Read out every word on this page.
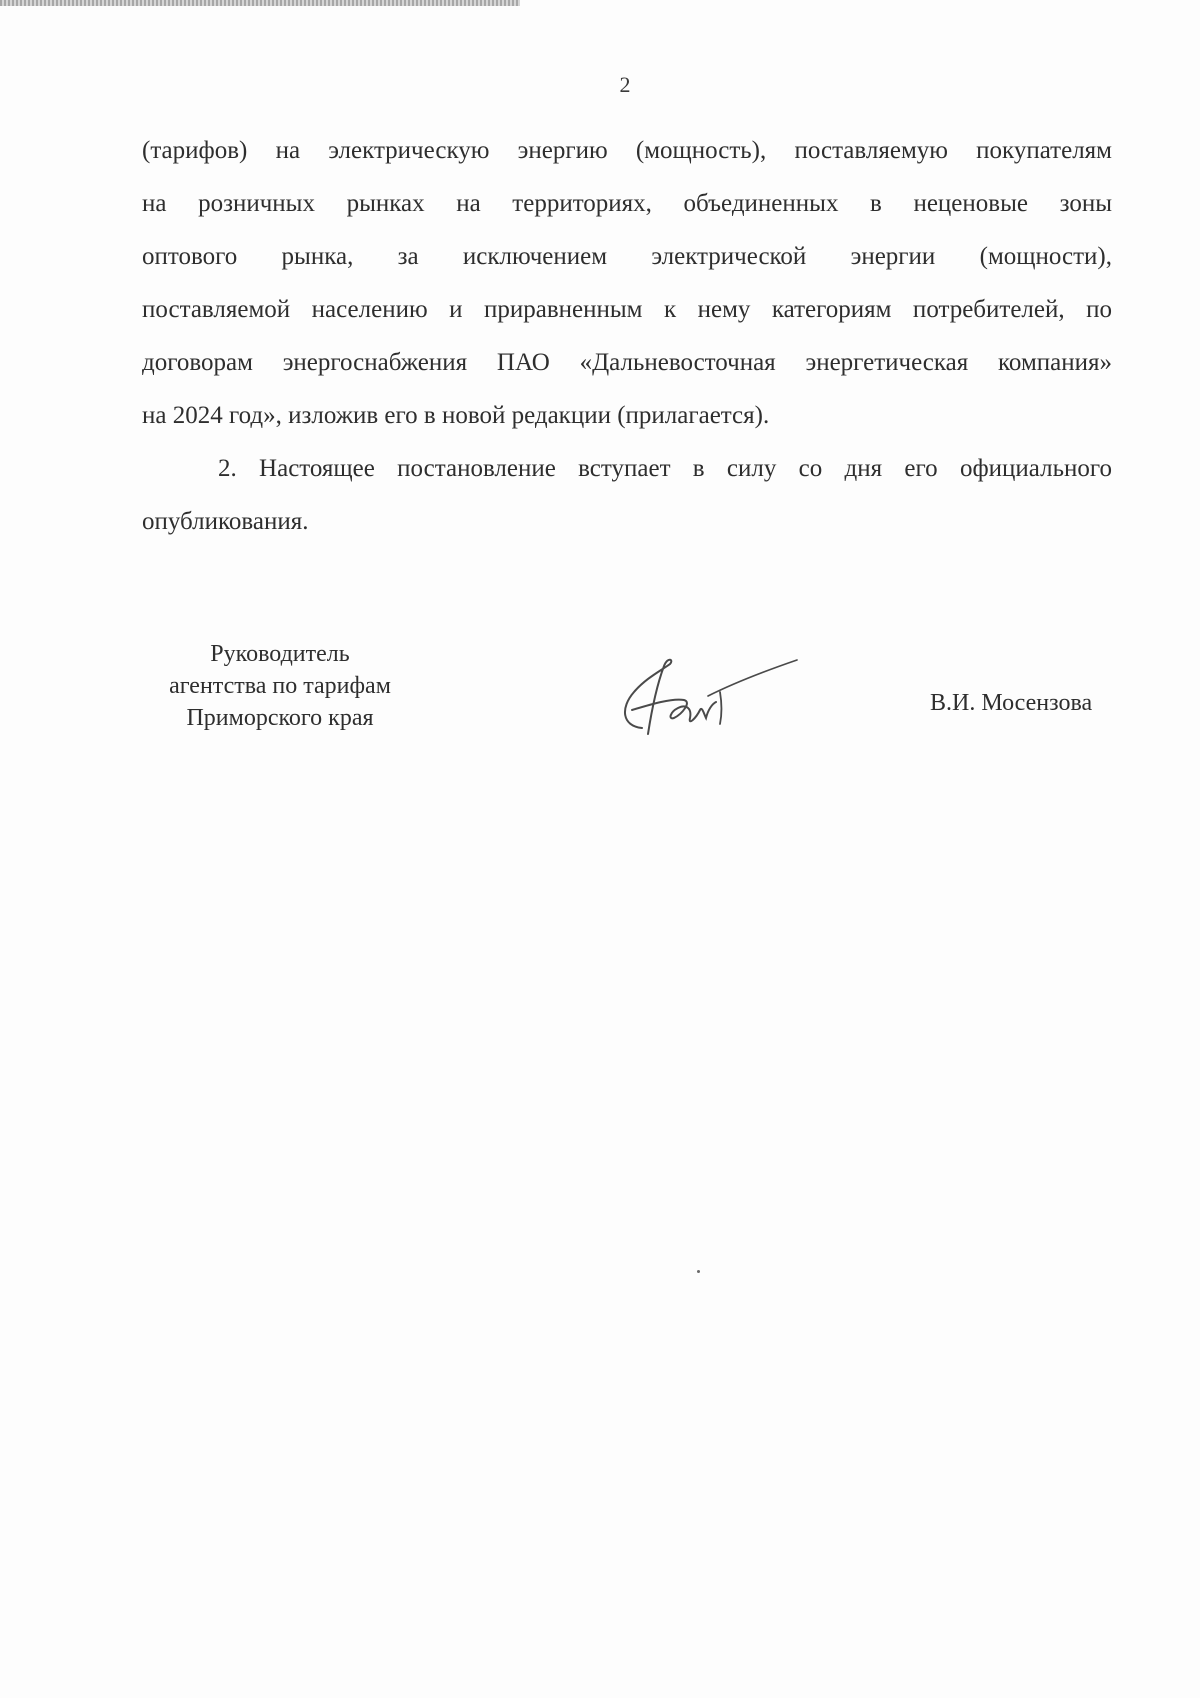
2
(тарифов) на электрическую энергию (мощность), поставляемую покупателям
на розничных рынках на территориях, объединенных в неценовые зоны
оптового рынка, за исключением электрической энергии (мощности),
поставляемой населению и приравненным к нему категориям потребителей, по
договорам энергоснабжения ПАО «Дальневосточная энергетическая компания»
на 2024 год», изложив его в новой редакции (прилагается).
2. Настоящее постановление вступает в силу со дня его официального
опубликования.
Руководитель
агентства по тарифам
Приморского края
В.И. Мосензова
